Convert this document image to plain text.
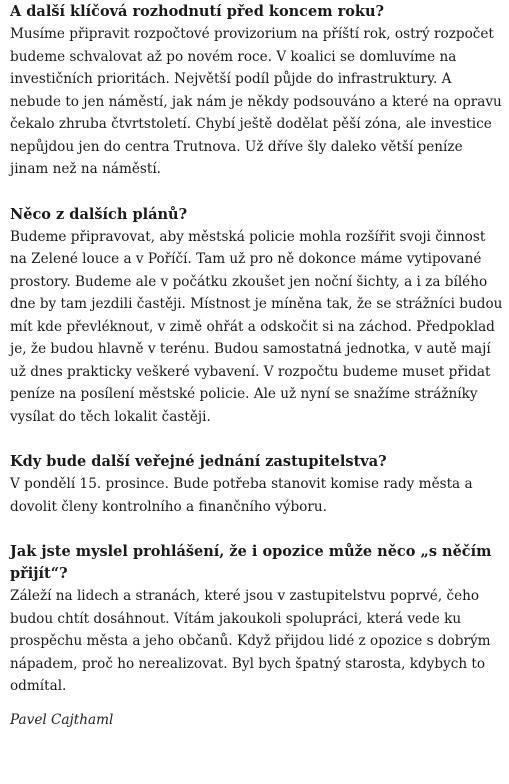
A další klíčová rozhodnutí před koncem roku?

Musíme připravit rozpočtové provizorium na příští rok, ostrý rozpočet budeme schvalovat až po novém roce. V koalici se domluvíme na investičních prioritách. Největší podíl půjde do infrastruktury. A nebude to jen náměstí, jak nám je někdy podsouváno a které na opravu čekalo zhruba čtvrtstoletí. Chybí ještě dodělat pěší zóna, ale investice nepůjdou jen do centra Trutnova. Už dříve šly daleko větší peníze jinam než na náměstí.

Něco z dalších plánů?

Budeme připravovat, aby městská policie mohla rozšířit svoji činnost na Zelené louce a v Poříčí. Tam už pro ně dokonce máme vytipované prostory. Budeme ale v počátku zkoušet jen noční šichty, a i za bílého dne by tam jezdili častěji. Místnost je míněna tak, že se strážníci budou mít kde převléknout, v zimě ohřát a odskočit si na záchod. Předpoklad je, že budou hlavně v terénu. Budou samostatná jednotka, v autě mají už dnes prakticky veškeré vybavení. V rozpočtu budeme muset přidat peníze na posílení městské policie. Ale už nyní se snažíme strážníky vysílat do těch lokalit častěji.

Kdy bude další veřejné jednání zastupitelstva?

V pondělí 15. prosince. Bude potřeba stanovit komise rady města a dovolit členy kontrolního a finančního výboru.

Jak jste myslel prohlášení, že i opozice může něco „s něčím přijít“?

Záleží na lidech a stranách, které jsou v zastupitelstvu poprvé, čeho budou chtít dosáhnout. Vítám jakoukoli spolupráci, která vede ku prospěchu města a jeho občanů. Když přijdou lidé z opozice s dobrým nápadem, proč ho nerealizovat. Byl bych špatný starosta, kdybych to odmítal.

Pavel Cajthaml
